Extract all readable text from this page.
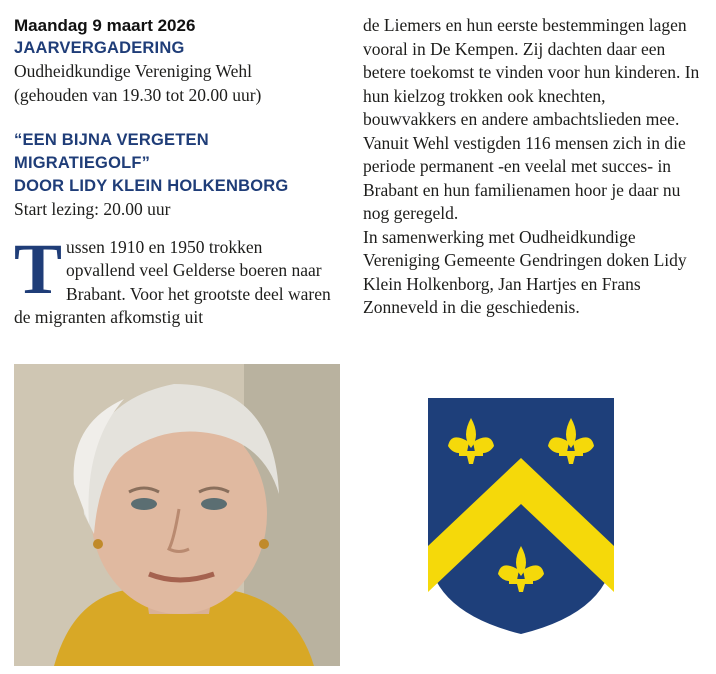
Maandag 9 maart 2026
JAARVERGADERING
Oudheidkundige Vereniging Wehl
(gehouden van 19.30 tot 20.00 uur)
“EEN BIJNA VERGETEN
MIGRATIEGOLF”
DOOR LIDY KLEIN HOLKENBORG
Start lezing: 20.00 uur
T ussen 1910 en 1950 trokken opvallend veel Gelderse boeren naar Brabant. Voor het grootste deel waren de migranten afkomstig uit
de Liemers en hun eerste bestemmingen lagen vooral in De Kempen. Zij dachten daar een betere toekomst te vinden voor hun kinderen. In hun kielzog trokken ook knechten, bouwvakkers en andere ambachtslieden mee. Vanuit Wehl vestigden 116 mensen zich in die periode permanent -en veelal met succes- in Brabant en hun familienamen hoor je daar nu nog geregeld.
In samenwerking met Oudheidkundige Vereniging Gemeente Gendringen doken Lidy Klein Holkenborg, Jan Hartjes en Frans Zonneveld in die geschiedenis.
